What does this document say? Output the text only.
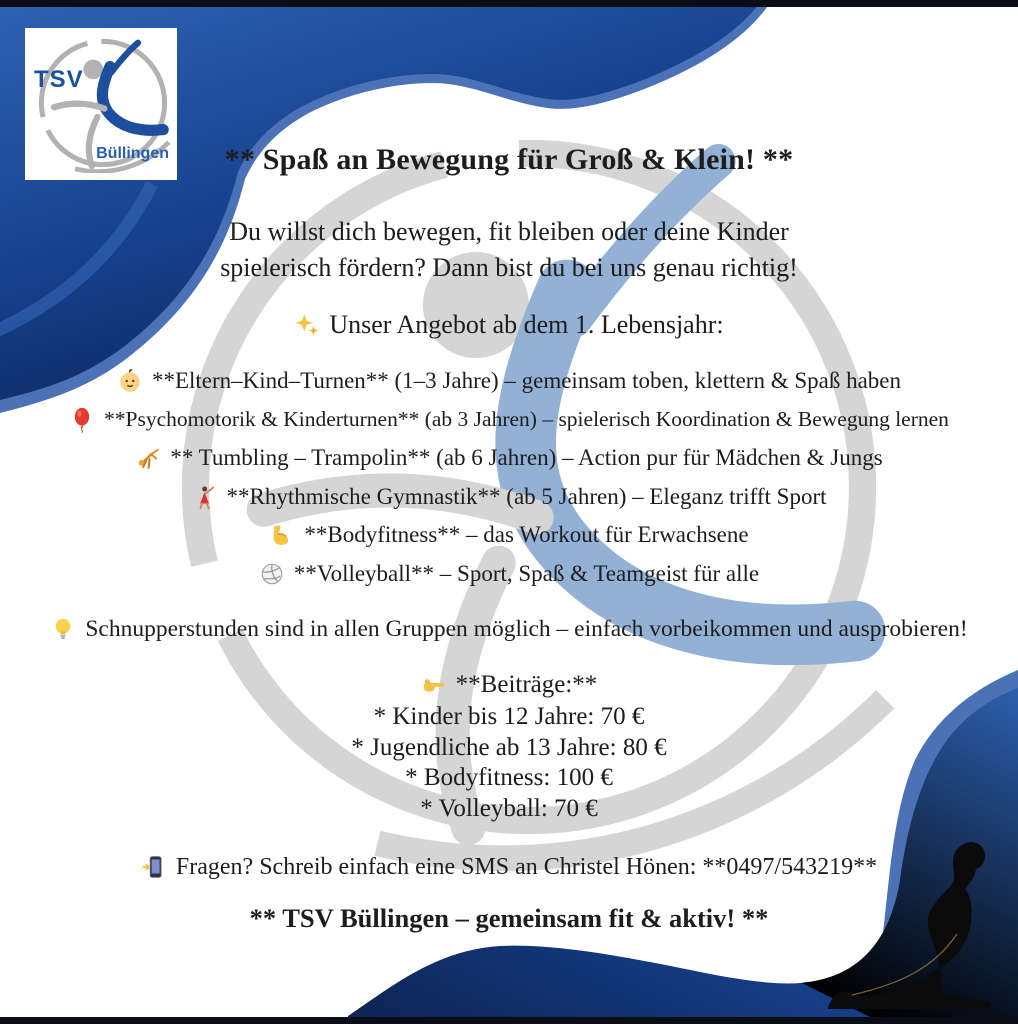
TSV
Büllingen	** Spaß an Bewegung für Groß & Klein! **
Du willst dich bewegen, fit bleiben oder deine Kinder
spielerisch fördern? Dann bist du bei uns genau richtig!
Unser Angebot ab dem 1. Lebensjahr:
**Eltern–Kind–Turnen** (1–3 Jahre) – gemeinsam toben, klettern & Spaß haben
**Psychomotorik & Kinderturnen** (ab 3 Jahren) – spielerisch Koordination & Bewegung lernen
** Tumbling – Trampolin** (ab 6 Jahren) – Action pur für Mädchen & Jungs
**Rhythmische Gymnastik** (ab 5 Jahren) – Eleganz trifft Sport
**Bodyfitness** – das Workout für Erwachsene
**Volleyball** – Sport, Spaß & Teamgeist für alle
Schnupperstunden sind in allen Gruppen möglich – einfach vorbeikommen und ausprobieren!
**Beiträge:**
* Kinder bis 12 Jahre: 70 €
* Jugendliche ab 13 Jahre: 80 €
* Bodyfitness: 100 €
* Volleyball: 70 €
Fragen? Schreib einfach eine SMS an Christel Hönen: **0497/543219**
** TSV Büllingen – gemeinsam fit & aktiv! **
